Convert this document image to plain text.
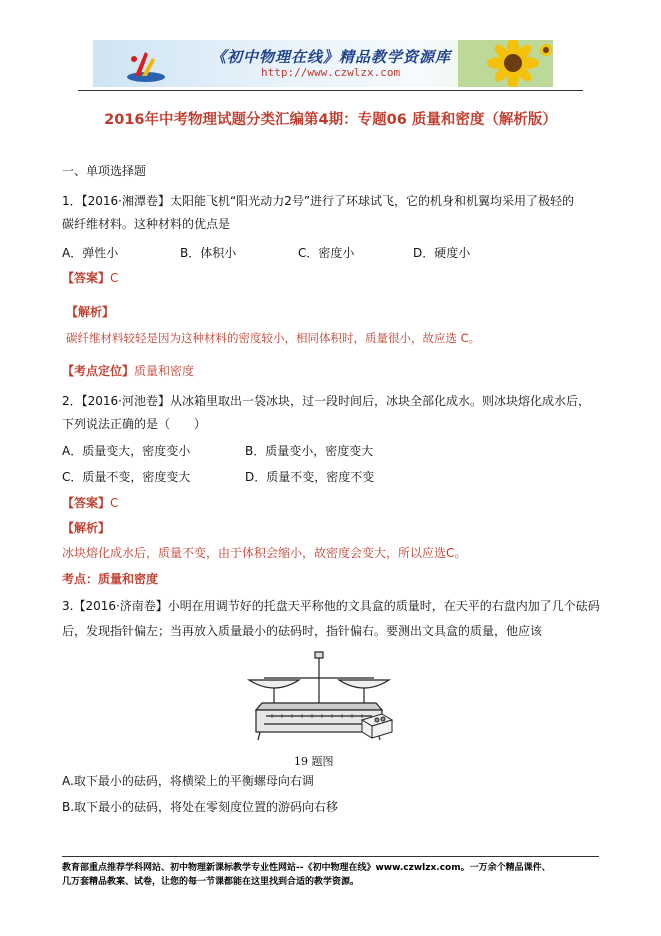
《初中物理在线》精品教学资源库
http://www.czwlzx.com
2016年中考物理试题分类汇编第4期：专题06 质量和密度（解析版）
一、单项选择题
1．【2016·湘潭卷】太阳能飞机“阳光动力2号”进行了环球试飞，它的机身和机翼均采用了极轻的
碳纤维材料。这种材料的优点是
A．弹性小	B．体积小	C．密度小	D．硬度小
【答案】C
【解析】
碳纤维材料较轻是因为这种材料的密度较小，相同体积时，质量很小，故应选 C。
【考点定位】质量和密度
2．【2016·河池卷】从冰箱里取出一袋冰块，过一段时间后，冰块全部化成水。则冰块熔化成水后，
下列说法正确的是（　　）
A．质量变大，密度变小	B．质量变小，密度变大
C．质量不变，密度变大	D．质量不变，密度不变
【答案】C
【解析】
冰块熔化成水后，质量不变，由于体积会缩小，故密度会变大，所以应选C。
考点：质量和密度
3.【2016·济南卷】小明在用调节好的托盘天平称他的文具盒的质量时，在天平的右盘内加了几个砝码
后，发现指针偏左；当再放入质量最小的砝码时，指针偏右。要测出文具盒的质量，他应该
19 题图
A.取下最小的砝码，将横梁上的平衡螺母向右调
B.取下最小的砝码，将处在零刻度位置的游码向右移
教育部重点推荐学科网站、初中物理新课标教学专业性网站--《初中物理在线》www.czwlzx.com。一万余个精品课件、
几万套精品教案、试卷，让您的每一节课都能在这里找到合适的教学资源。
